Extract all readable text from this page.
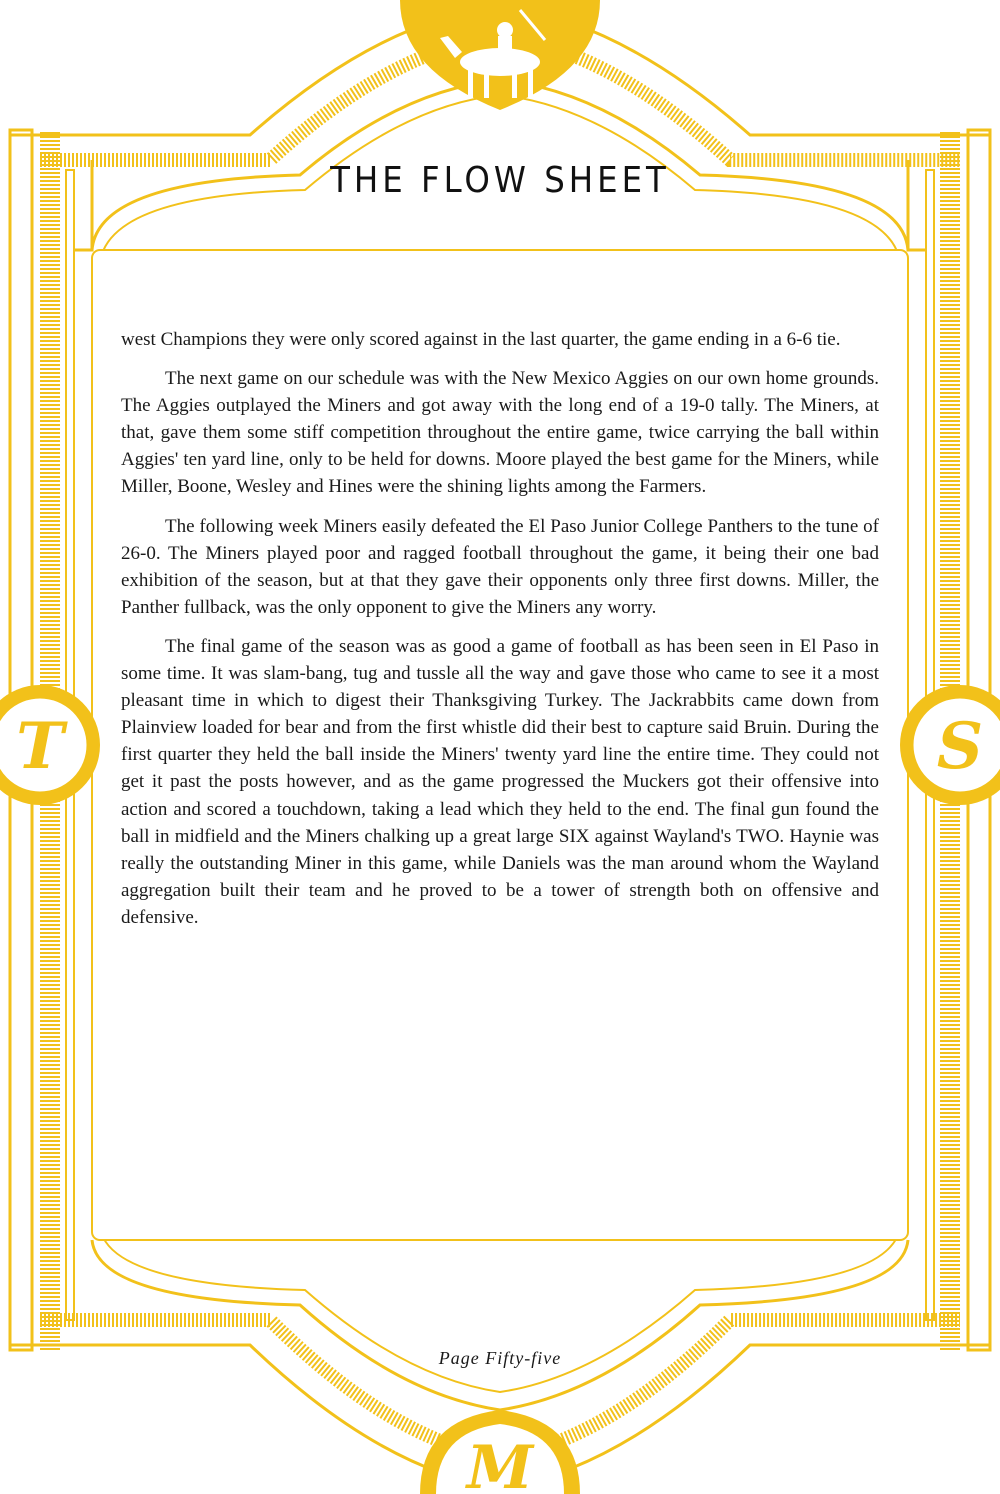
T	S
M
THE FLOW SHEET

west Champions they were only scored against in the last quarter, the game ending in a 6-6 tie.

The next game on our schedule was with the New Mexico Aggies on our own home grounds. The Aggies outplayed the Miners and got away with the long end of a 19-0 tally. The Miners, at that, gave them some stiff competition throughout the entire game, twice carrying the ball within Aggies' ten yard line, only to be held for downs. Moore played the best game for the Miners, while Miller, Boone, Wesley and Hines were the shining lights among the Farmers.

The following week Miners easily defeated the El Paso Junior College Panthers to the tune of 26-0. The Miners played poor and ragged football throughout the game, it being their one bad exhibition of the season, but at that they gave their opponents only three first downs. Miller, the Panther fullback, was the only opponent to give the Miners any worry.

The final game of the season was as good a game of football as has been seen in El Paso in some time. It was slam-bang, tug and tussle all the way and gave those who came to see it a most pleasant time in which to digest their Thanksgiving Turkey. The Jackrabbits came down from Plainview loaded for bear and from the first whistle did their best to capture said Bruin. During the first quarter they held the ball inside the Miners' twenty yard line the entire time. They could not get it past the posts however, and as the game progressed the Muckers got their offensive into action and scored a touchdown, taking a lead which they held to the end. The final gun found the ball in midfield and the Miners chalking up a great large SIX against Wayland's TWO. Haynie was really the outstanding Miner in this game, while Daniels was the man around whom the Wayland aggregation built their team and he proved to be a tower of strength both on offensive and defensive.

Page Fifty-five
